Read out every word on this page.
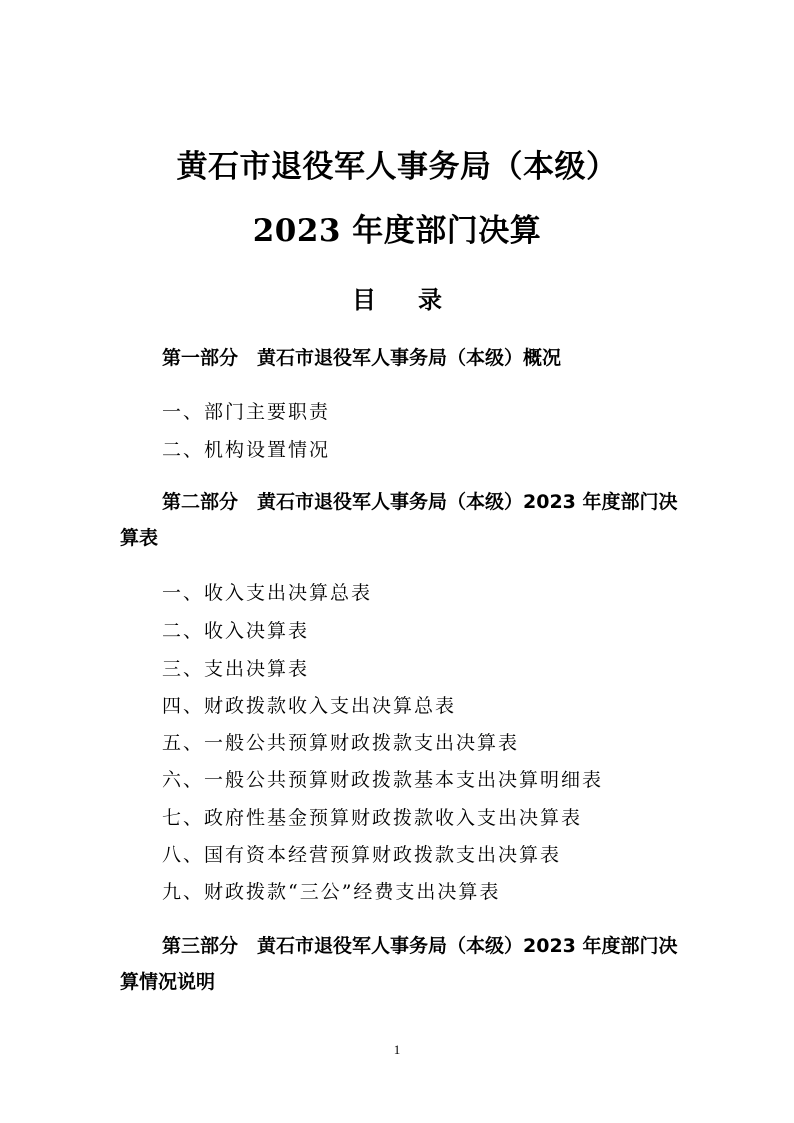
黄石市退役军人事务局（本级）
2023 年度部门决算
目录
第一部分　黄石市退役军人事务局（本级）概况
一、部门主要职责
二、机构设置情况
第二部分　黄石市退役军人事务局（本级）2023 年度部门决算表
一、收入支出决算总表
二、收入决算表
三、支出决算表
四、财政拨款收入支出决算总表
五、一般公共预算财政拨款支出决算表
六、一般公共预算财政拨款基本支出决算明细表
七、政府性基金预算财政拨款收入支出决算表
八、国有资本经营预算财政拨款支出决算表
九、财政拨款“三公”经费支出决算表
第三部分　黄石市退役军人事务局（本级）2023 年度部门决算情况说明
1
